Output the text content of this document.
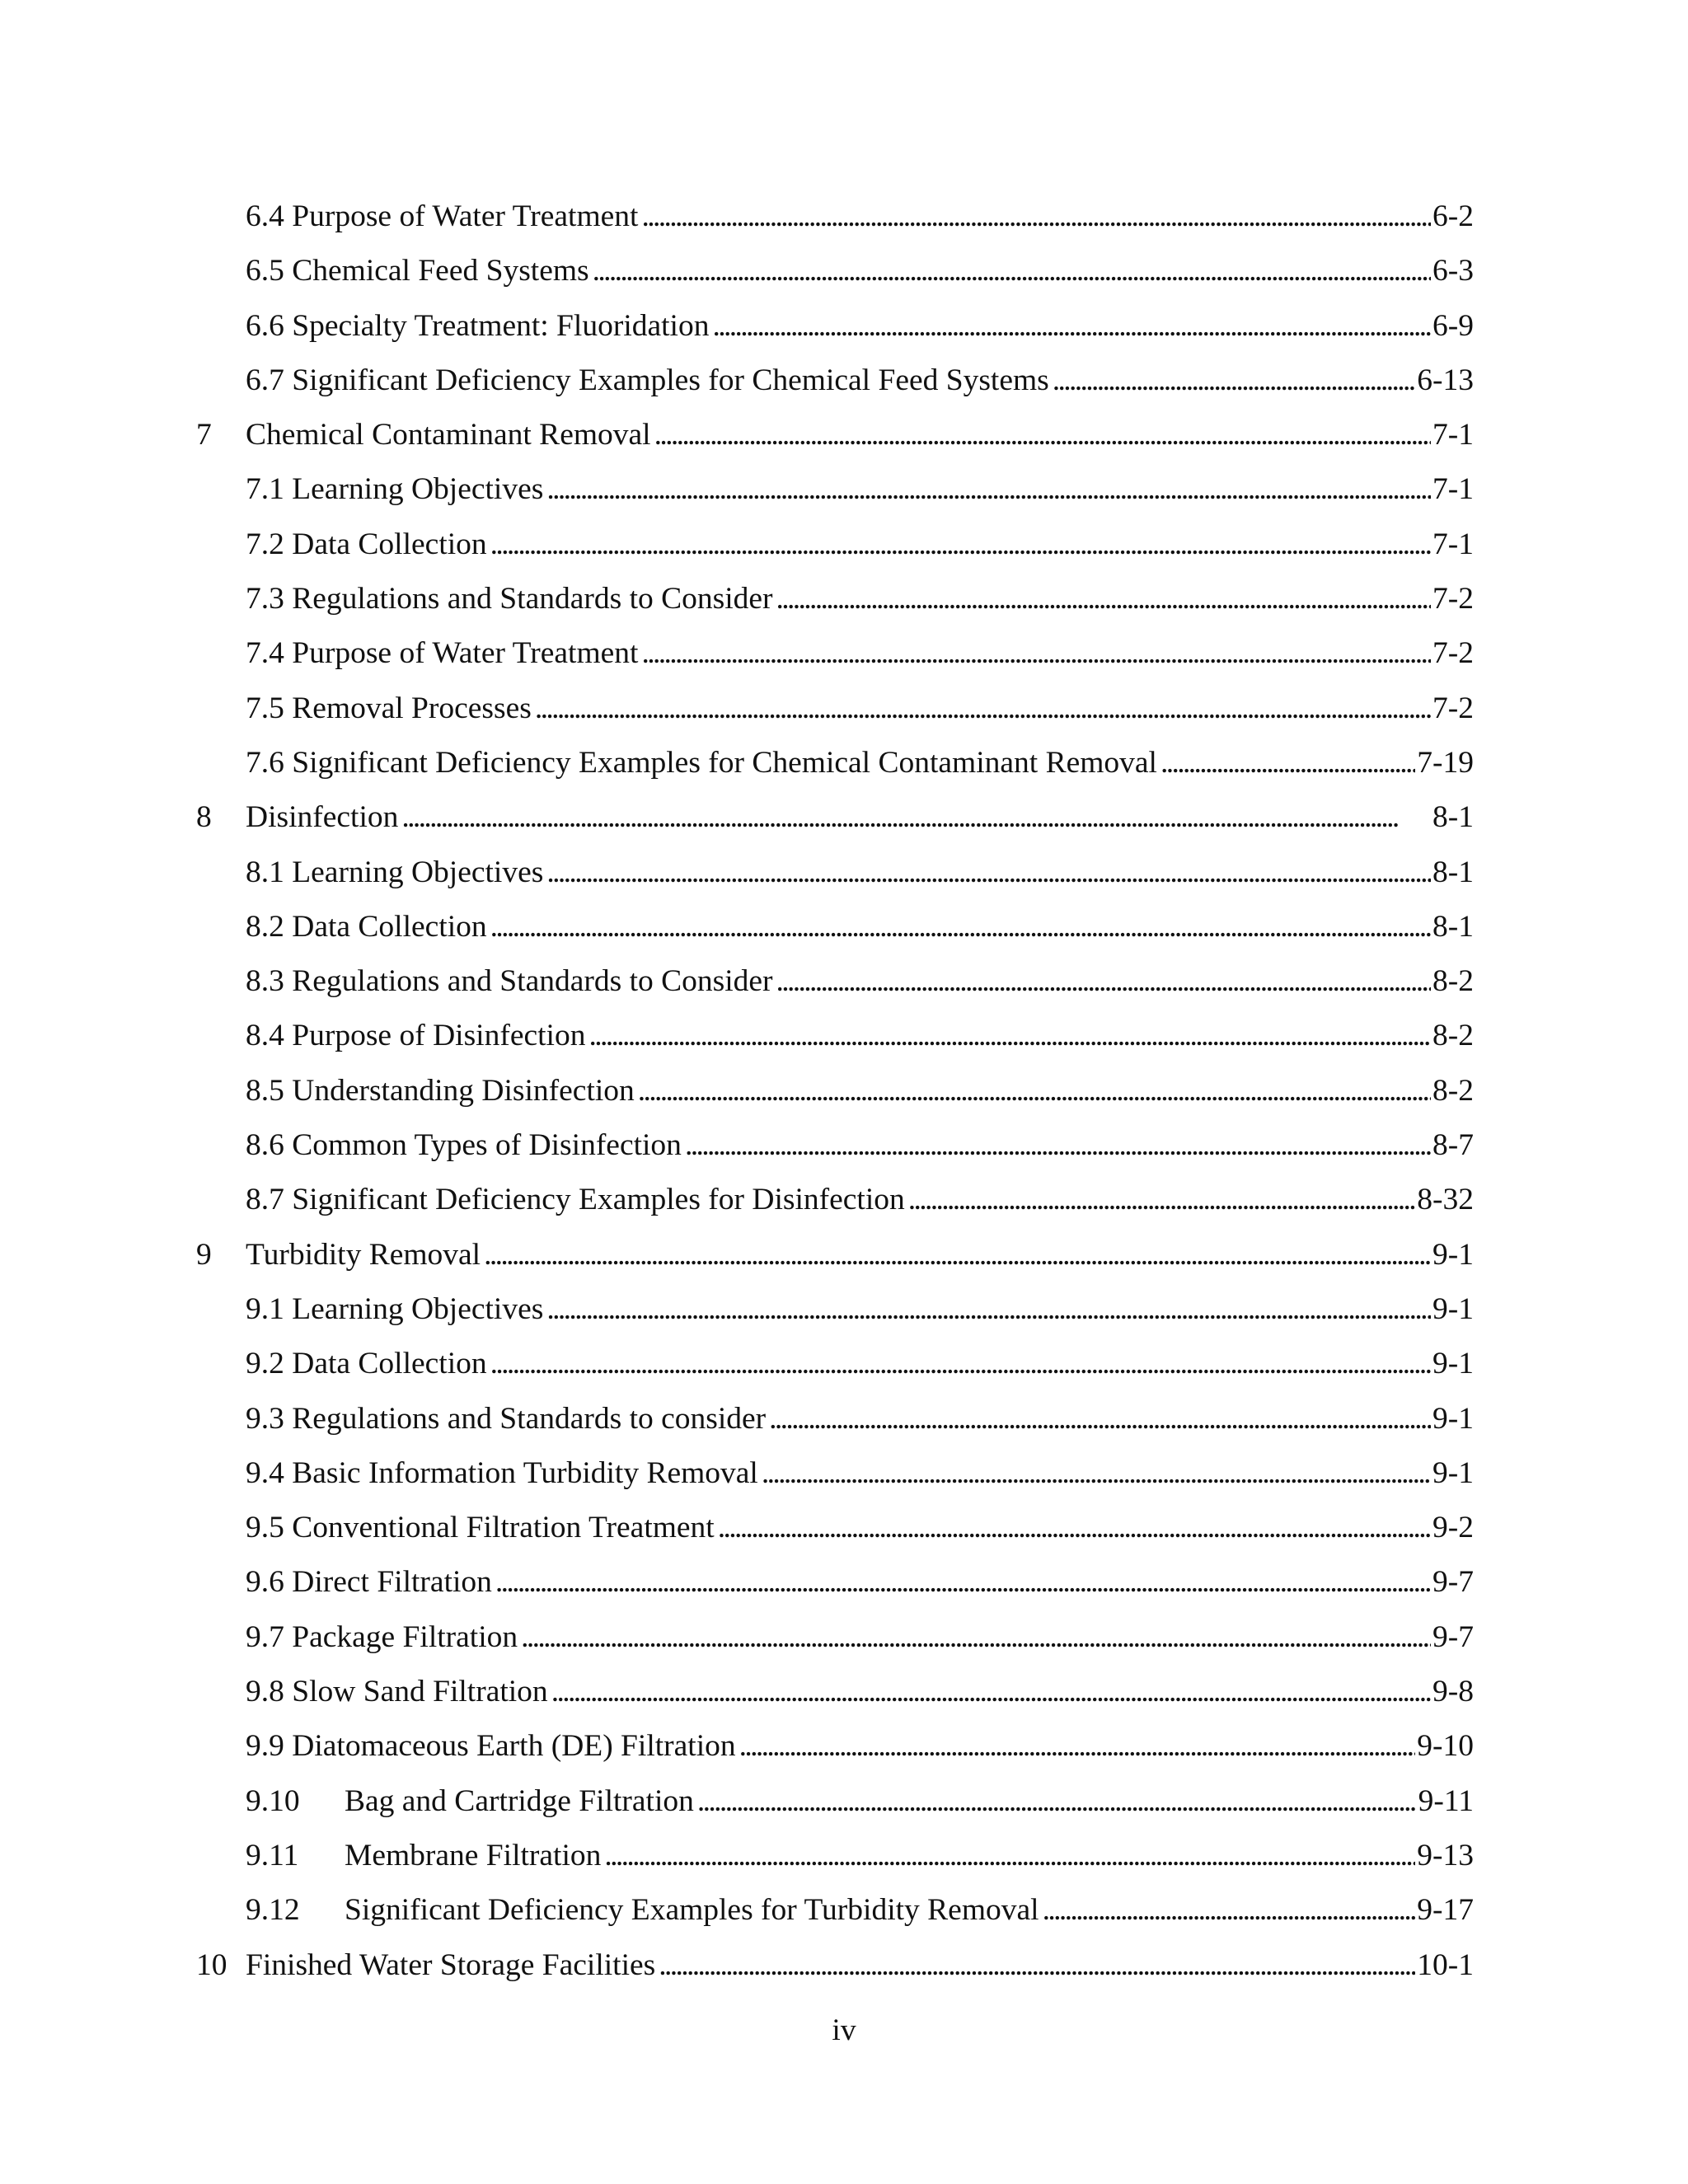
6.4 Purpose of Water Treatment . . .	6-2
6.5 Chemical Feed Systems . . .	6-3
6.6 Specialty Treatment: Fluoridation . . .	6-9
6.7 Significant Deficiency Examples for Chemical Feed Systems . . .	6-13
7 Chemical Contaminant Removal . . .	7-1
7.1 Learning Objectives . . .	7-1
7.2 Data Collection . . .	7-1
7.3 Regulations and Standards to Consider . . .	7-2
7.4 Purpose of Water Treatment . . .	7-2
7.5 Removal Processes . . .	7-2
7.6 Significant Deficiency Examples for Chemical Contaminant Removal . . .	7-19
8 Disinfection . . .	8-1
8.1 Learning Objectives . . .	8-1
8.2 Data Collection . . .	8-1
8.3 Regulations and Standards to Consider . . .	8-2
8.4 Purpose of Disinfection . . .	8-2
8.5 Understanding Disinfection . . .	8-2
8.6 Common Types of Disinfection . . .	8-7
8.7 Significant Deficiency Examples for Disinfection . . .	8-32
9 Turbidity Removal . . .	9-1
9.1 Learning Objectives . . .	9-1
9.2 Data Collection . . .	9-1
9.3 Regulations and Standards to consider . . .	9-1
9.4 Basic Information Turbidity Removal . . .	9-1
9.5 Conventional Filtration Treatment . . .	9-2
9.6 Direct Filtration . . .	9-7
9.7 Package Filtration . . .	9-7
9.8 Slow Sand Filtration . . .	9-8
9.9 Diatomaceous Earth (DE) Filtration . . .	9-10
9.10	Bag and Cartridge Filtration . . .	9-11
9.11	Membrane Filtration . . .	9-13
9.12	Significant Deficiency Examples for Turbidity Removal . . .	9-17
10 Finished Water Storage Facilities . . .	10-1
iv
